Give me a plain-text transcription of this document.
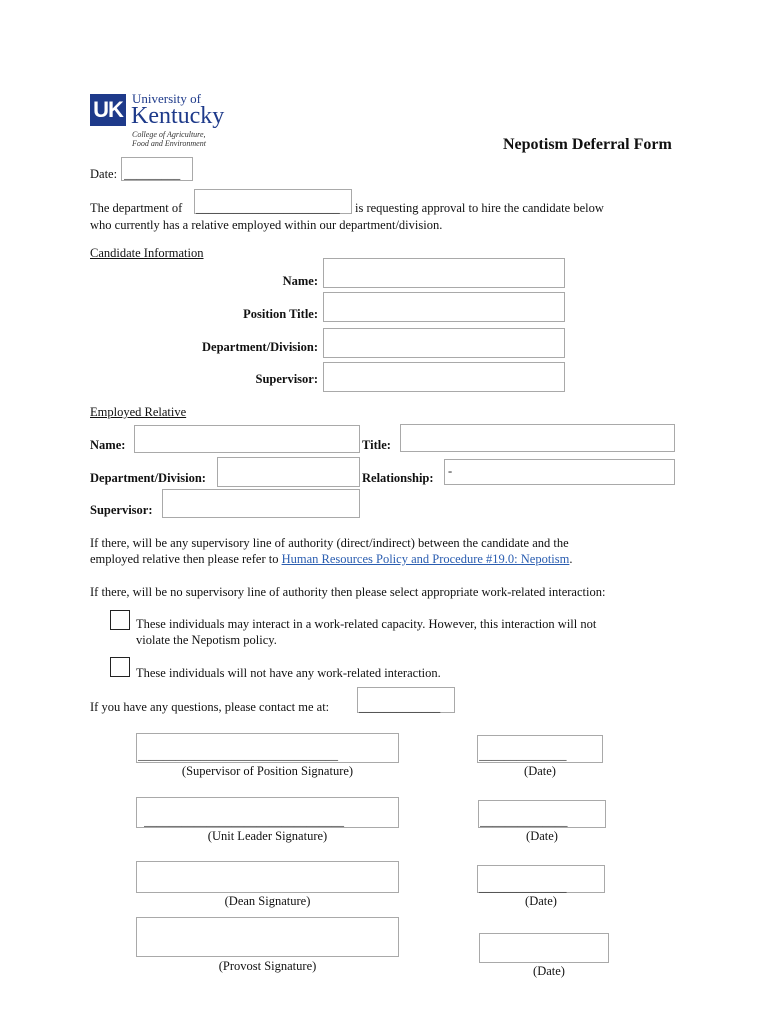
UK University of
Kentucky
College of Agriculture,
Food and Environment	Nepotism Deferral Form
Date: _________
The department of _______________________	is requesting approval to hire the candidate below
who currently has a relative employed within our department/division.
Candidate Information
Name:
Position Title:
Department/Division:
Supervisor:
Employed Relative
Name:	Title:
Department/Division:	Relationship: -
Supervisor:
If there, will be any supervisory line of authority (direct/indirect) between the candidate and the
employed relative then please refer to Human Resources Policy and Procedure #19.0: Nepotism.
If there, will be no supervisory line of authority then please select appropriate work-related interaction:
These individuals may interact in a work-related capacity. However, this interaction will not
violate the Nepotism policy.
These individuals will not have any work-related interaction.
If you have any questions, please contact me at: _____________
________________________________
(Supervisor of Position Signature)
______________
(Date)
________________________________
(Unit Leader Signature)
______________
(Date)
(Dean Signature)
______________
(Date)
(Provost Signature)	(Date)
